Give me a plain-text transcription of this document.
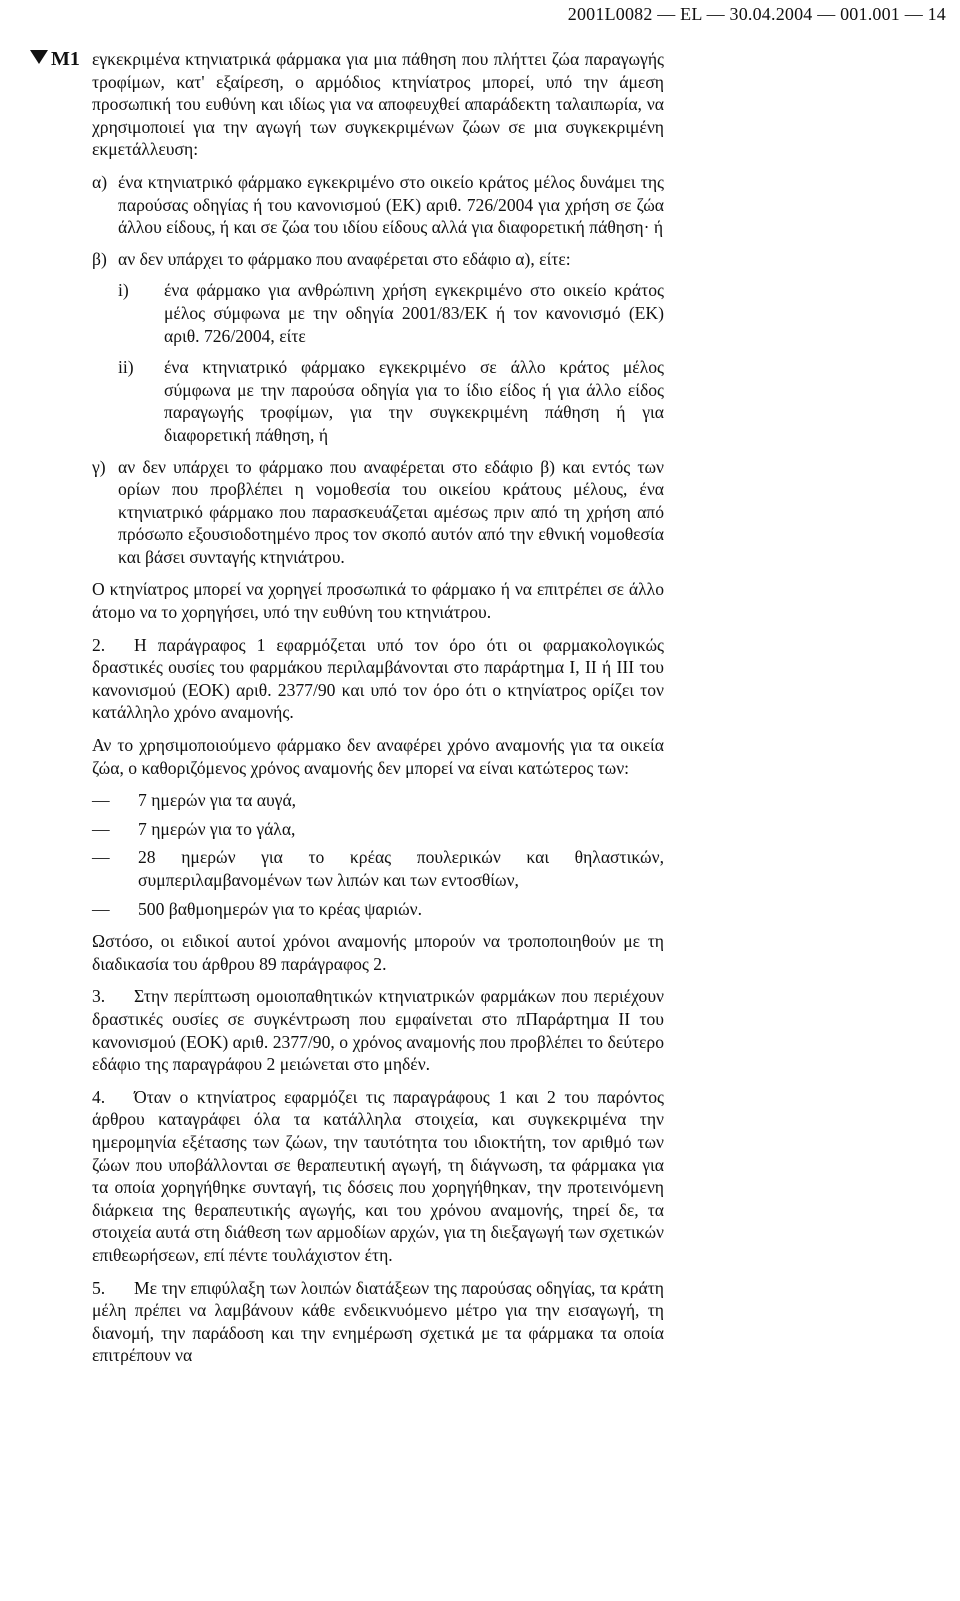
2001L0082 — EL — 30.04.2004 — 001.001 — 14
M1 εγκεκριμένα κτηνιατρικά φάρμακα για μια πάθηση που πλήττει ζώα παραγωγής τροφίμων, κατ' εξαίρεση, ο αρμόδιος κτηνίατρος μπορεί, υπό την άμεση προσωπική του ευθύνη και ιδίως για να αποφευχθεί απαράδεκτη ταλαιπωρία, να χρησιμοποιεί για την αγωγή των συγκεκριμένων ζώων σε μια συγκεκριμένη εκμετάλλευση:

α) ένα κτηνιατρικό φάρμακο εγκεκριμένο στο οικείο κράτος μέλος δυνάμει της παρούσας οδηγίας ή του κανονισμού (ΕΚ) αριθ. 726/2004 για χρήση σε ζώα άλλου είδους, ή και σε ζώα του ιδίου είδους αλλά για διαφορετική πάθηση· ή
β) αν δεν υπάρχει το φάρμακο που αναφέρεται στο εδάφιο α), είτε:
i)	ένα φάρμακο για ανθρώπινη χρήση εγκεκριμένο στο οικείο κράτος μέλος σύμφωνα με την οδηγία 2001/83/ΕΚ ή τον κανονισμό (ΕΚ) αριθ. 726/2004, είτε
ii)	ένα κτηνιατρικό φάρμακο εγκεκριμένο σε άλλο κράτος μέλος σύμφωνα με την παρούσα οδηγία για το ίδιο είδος ή για άλλο είδος παραγωγής τροφίμων, για την συγκεκριμένη πάθηση ή για διαφορετική πάθηση, ή
γ) αν δεν υπάρχει το φάρμακο που αναφέρεται στο εδάφιο β) και εντός των ορίων που προβλέπει η νομοθεσία του οικείου κράτους μέλους, ένα κτηνιατρικό φάρμακο που παρασκευάζεται αμέσως πριν από τη χρήση από πρόσωπο εξουσιοδοτημένο προς τον σκοπό αυτόν από την εθνική νομοθεσία και βάσει συνταγής κτηνιάτρου.

Ο κτηνίατρος μπορεί να χορηγεί προσωπικά το φάρμακο ή να επιτρέπει σε άλλο άτομο να το χορηγήσει, υπό την ευθύνη του κτηνιάτρου.

2. Η παράγραφος 1 εφαρμόζεται υπό τον όρο ότι οι φαρμακολογικώς δραστικές ουσίες του φαρμάκου περιλαμβάνονται στο παράρτημα I, II ή III του κανονισμού (ΕΟΚ) αριθ. 2377/90 και υπό τον όρο ότι ο κτηνίατρος ορίζει τον κατάλληλο χρόνο αναμονής.

Αν το χρησιμοποιούμενο φάρμακο δεν αναφέρει χρόνο αναμονής για τα οικεία ζώα, ο καθοριζόμενος χρόνος αναμονής δεν μπορεί να είναι κατώτερος των:

—	7 ημερών για τα αυγά,
—	7 ημερών για το γάλα,
—	28 ημερών για το κρέας πουλερικών και θηλαστικών, συμπεριλαμβανομένων των λιπών και των εντοσθίων,
—	500 βαθμοημερών για το κρέας ψαριών.

Ωστόσο, οι ειδικοί αυτοί χρόνοι αναμονής μπορούν να τροποποιηθούν με τη διαδικασία του άρθρου 89 παράγραφος 2.

3. Στην περίπτωση ομοιοπαθητικών κτηνιατρικών φαρμάκων που περιέχουν δραστικές ουσίες σε συγκέντρωση που εμφαίνεται στο πΠαράρτημα ΙΙ του κανονισμού (ΕΟΚ) αριθ. 2377/90, ο χρόνος αναμονής που προβλέπει το δεύτερο εδάφιο της παραγράφου 2 μειώνεται στο μηδέν.

4. Όταν ο κτηνίατρος εφαρμόζει τις παραγράφους 1 και 2 του παρόντος άρθρου καταγράφει όλα τα κατάλληλα στοιχεία, και συγκεκριμένα την ημερομηνία εξέτασης των ζώων, την ταυτότητα του ιδιοκτήτη, τον αριθμό των ζώων που υποβάλλονται σε θεραπευτική αγωγή, τη διάγνωση, τα φάρμακα για τα οποία χορηγήθηκε συνταγή, τις δόσεις που χορηγήθηκαν, την προτεινόμενη διάρκεια της θεραπευτικής αγωγής, και του χρόνου αναμονής, τηρεί δε, τα στοιχεία αυτά στη διάθεση των αρμοδίων αρχών, για τη διεξαγωγή των σχετικών επιθεωρήσεων, επί πέντε τουλάχιστον έτη.

5. Με την επιφύλαξη των λοιπών διατάξεων της παρούσας οδηγίας, τα κράτη μέλη πρέπει να λαμβάνουν κάθε ενδεικνυόμενο μέτρο για την εισαγωγή, τη διανομή, την παράδοση και την ενημέρωση σχετικά με τα φάρμακα τα οποία επιτρέπουν να
